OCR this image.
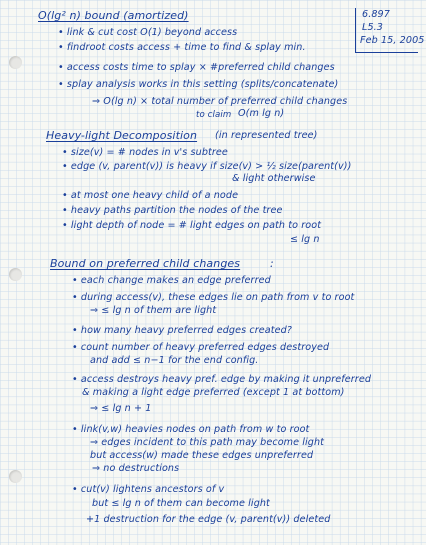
6.897
L5.3
Feb 15, 2005
O(lg² n) bound (amortized)
• link & cut cost O(1) beyond access
• findroot costs access + time to find & splay min.
• access costs time to splay × #preferred child changes
• splay analysis works in this setting (splits/concatenate)
⇒ O(lg n) × total number of preferred child changes
to claim O(m lg n)
Heavy-light Decomposition (in represented tree)
• size(v) = # nodes in v's subtree
• edge (v, parent(v)) is heavy if size(v) > ½ size(parent(v))
& light otherwise
• at most one heavy child of a node
• heavy paths partition the nodes of the tree
• light depth of node = # light edges on path to root
≤ lg n
Bound on preferred child changes	:
• each change makes an edge preferred
• during access(v), these edges lie on path from v to root
⇒ ≤ lg n of them are light
• how many heavy preferred edges created?
• count number of heavy preferred edges destroyed
and add ≤ n−1 for the end config.
• access destroys heavy pref. edge by making it unpreferred
& making a light edge preferred (except 1 at bottom)
⇒ ≤ lg n + 1
• link(v,w) heavies nodes on path from w to root
⇒ edges incident to this path may become light
but access(w) made these edges unpreferred
⇒ no destructions
• cut(v) lightens ancestors of v
but ≤ lg n of them can become light
+1 destruction for the edge (v, parent(v)) deleted
